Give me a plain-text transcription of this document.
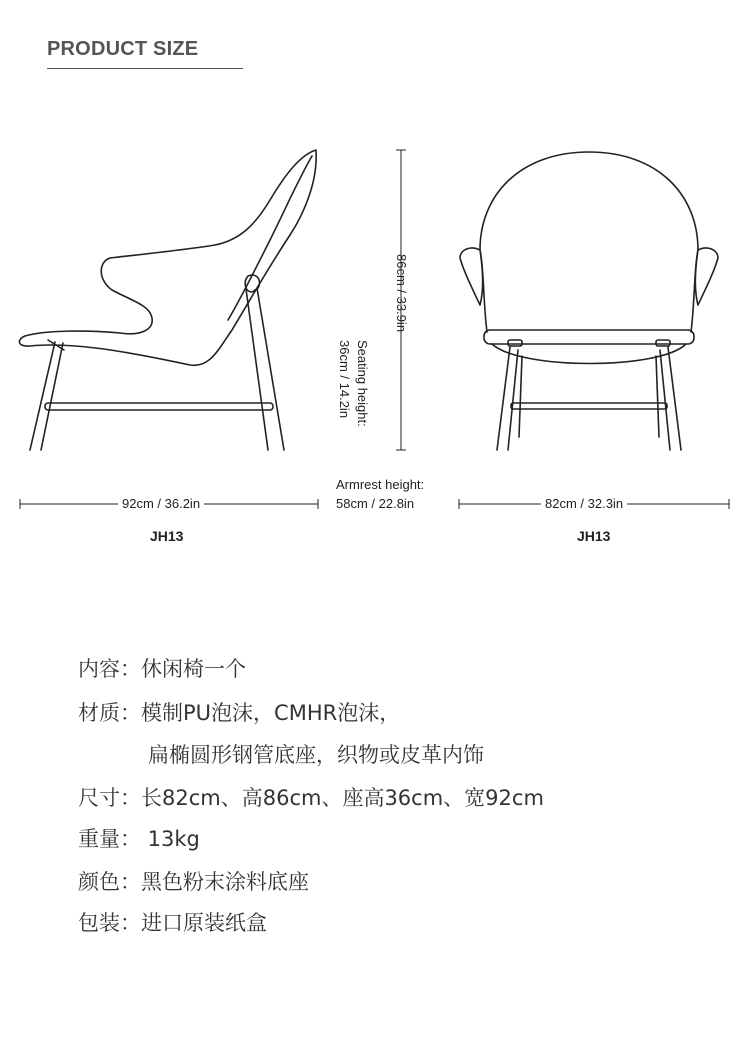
PRODUCT SIZE
92cm / 36.2in	82cm / 32.3in
86cm / 33.9in
Seating height:
36cm / 14.2in
Armrest height:
58cm / 22.8in
JH13	JH13
内容：休闲椅一个
材质：模制PU泡沫，CMHR泡沫，
扁椭圆形钢管底座，织物或皮革内饰
尺寸：长82cm、高86cm、座高36cm、宽92cm
重量： 13kg
颜色：黑色粉末涂料底座
包装：进口原装纸盒
